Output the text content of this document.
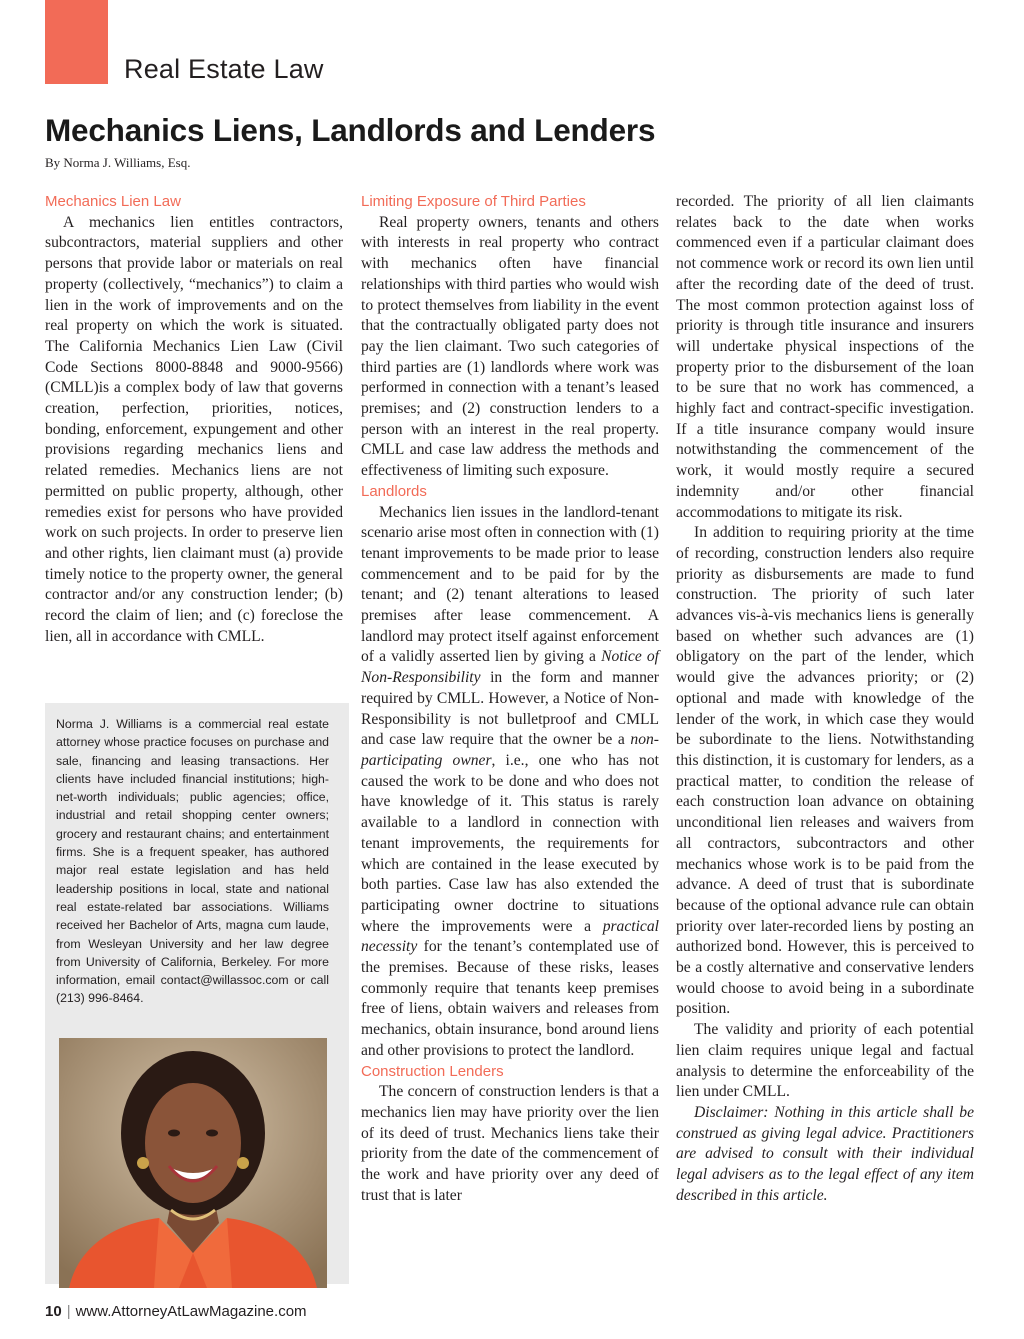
Real Estate Law
Mechanics Liens, Landlords and Lenders
By Norma J. Williams, Esq.
Mechanics Lien Law

A mechanics lien entitles contractors, subcontractors, material suppliers and other persons that provide labor or materials on real property (collectively, “mechanics”) to claim a lien in the work of improvements and on the real property on which the work is situated. The California Mechanics Lien Law (Civil Code Sections 8000-8848 and 9000-9566) (CMLL)is a complex body of law that governs creation, perfection, priorities, notices, bonding, enforcement, expungement and other provisions regarding mechanics liens and related remedies. Mechanics liens are not permitted on public property, although, other remedies exist for persons who have provided work on such projects. In order to preserve lien and other rights, lien claimant must (a) provide timely notice to the property owner, the general contractor and/or any construction lender; (b) record the claim of lien; and (c) foreclose the lien, all in accordance with CMLL.

Norma J. Williams is a commercial real estate attorney whose practice focuses on purchase and sale, financing and leasing transactions. Her clients have included financial institutions; high-net-worth individuals; public agencies; office, industrial and retail shopping center owners; grocery and restaurant chains; and entertainment firms. She is a frequent speaker, has authored major real estate legislation and has held leadership positions in local, state and national real estate-related bar associations. Williams received her Bachelor of Arts, magna cum laude, from Wesleyan University and her law degree from University of California, Berkeley. For more information, email contact@willassoc.com or call (213) 996-8464.
Limiting Exposure of Third Parties

Real property owners, tenants and others with interests in real property who contract with mechanics often have financial relationships with third parties who would wish to protect themselves from liability in the event that the contractually obligated party does not pay the lien claimant. Two such categories of third parties are (1) landlords where work was performed in connection with a tenant’s leased premises; and (2) construction lenders to a person with an interest in the real property. CMLL and case law address the methods and effectiveness of limiting such exposure.

Landlords

Mechanics lien issues in the landlord-tenant scenario arise most often in connection with (1) tenant improvements to be made prior to lease commencement and to be paid for by the tenant; and (2) tenant alterations to leased premises after lease commencement. A landlord may protect itself against enforcement of a validly asserted lien by giving a Notice of Non-Responsibility in the form and manner required by CMLL. However, a Notice of Non-Responsibility is not bulletproof and CMLL and case law require that the owner be a non-participating owner, i.e., one who has not caused the work to be done and who does not have knowledge of it. This status is rarely available to a landlord in connection with tenant improvements, the requirements for which are contained in the lease executed by both parties. Case law has also extended the participating owner doctrine to situations where the improvements were a practical necessity for the tenant’s contemplated use of the premises. Because of these risks, leases commonly require that tenants keep premises free of liens, obtain waivers and releases from mechanics, obtain insurance, bond around liens and other provisions to protect the landlord.

Construction Lenders

The concern of construction lenders is that a mechanics lien may have priority over the lien of its deed of trust. Mechanics liens take their priority from the date of the commencement of the work and have priority over any deed of trust that is later

recorded. The priority of all lien claimants relates back to the date when works commenced even if a particular claimant does not commence work or record its own lien until after the recording date of the deed of trust. The most common protection against loss of priority is through title insurance and insurers will undertake physical inspections of the property prior to the disbursement of the loan to be sure that no work has commenced, a highly fact and contract-specific investigation. If a title insurance company would insure notwithstanding the commencement of the work, it would mostly require a secured indemnity and/or other financial accommodations to mitigate its risk.

In addition to requiring priority at the time of recording, construction lenders also require priority as disbursements are made to fund construction. The priority of such later advances vis-à-vis mechanics liens is generally based on whether such advances are (1) obligatory on the part of the lender, which would give the advances priority; or (2) optional and made with knowledge of the lender of the work, in which case they would be subordinate to the liens. Notwithstanding this distinction, it is customary for lenders, as a practical matter, to condition the release of each construction loan advance on obtaining unconditional lien releases and waivers from all contractors, subcontractors and other mechanics whose work is to be paid from the advance. A deed of trust that is subordinate because of the optional advance rule can obtain priority over later-recorded liens by posting an authorized bond. However, this is perceived to be a costly alternative and conservative lenders would choose to avoid being in a subordinate position.

The validity and priority of each potential lien claim requires unique legal and factual analysis to determine the enforceability of the lien under CMLL.

Disclaimer: Nothing in this article shall be construed as giving legal advice. Practitioners are advised to consult with their individual legal advisers as to the legal effect of any item described in this article.

10 | www.AttorneyAtLawMagazine.com
